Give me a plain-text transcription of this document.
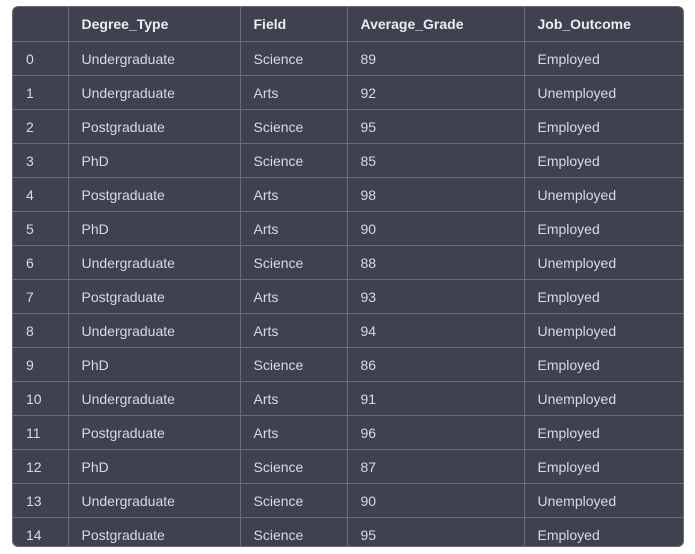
	Degree_Type	Field	Average_Grade	Job_Outcome
0	Undergraduate	Science	89	Employed
1	Undergraduate	Arts	92	Unemployed
2	Postgraduate	Science	95	Employed
3	PhD	Science	85	Employed
4	Postgraduate	Arts	98	Unemployed
5	PhD	Arts	90	Employed
6	Undergraduate	Science	88	Unemployed
7	Postgraduate	Arts	93	Employed
8	Undergraduate	Arts	94	Unemployed
9	PhD	Science	86	Employed
10	Undergraduate	Arts	91	Unemployed
11	Postgraduate	Arts	96	Employed
12	PhD	Science	87	Employed
13	Undergraduate	Science	90	Unemployed
14	Postgraduate	Science	95	Employed
